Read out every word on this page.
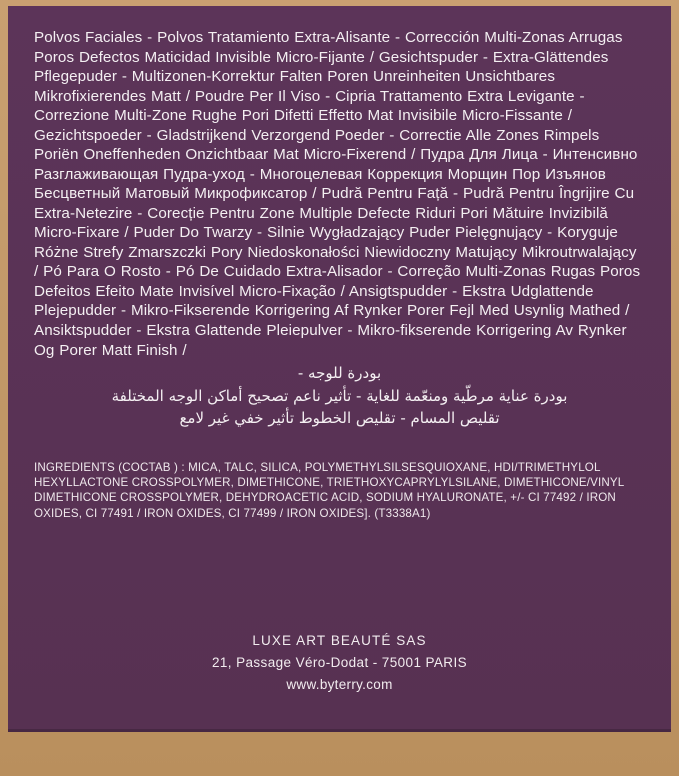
Polvos Faciales - Polvos Tratamiento Extra-Alisante - Corrección Multi-Zonas Arrugas Poros Defectos Maticidad Invisible Micro-Fijante / Gesichtspuder - Extra-Glättendes Pflegepuder - Multizonen-Korrektur Falten Poren Unreinheiten Unsichtbares Mikrofixierendes Matt / Poudre Per Il Viso - Cipria Trattamento Extra Levigante - Correzione Multi-Zone Rughe Pori Difetti Effetto Mat Invisibile Micro-Fissante / Gezichtspoeder - Gladstrijkend Verzorgend Poeder - Correctie Alle Zones Rimpels Poriën Oneffenheden Onzichtbaar Mat Micro-Fixerend / Пудра Для Лица - Интенсивно Разглаживающая Пудра-уход - Многоцелевая Коррекция Морщин Пор Изъянов Бесцветный Матовый Микрофиксатор / Pudră Pentru Față - Pudră Pentru Îngrijire Cu Extra-Netezire - Corecție Pentru Zone Multiple Defecte Riduri Pori Mătuire Invizibilă Micro-Fixare / Puder Do Twarzy - Silnie Wygładzający Puder Pielęgnujący - Koryguje Różne Strefy Zmarszczki Pory Niedoskonałości Niewidoczny Matujący Mikroutrwalający / Pó Para O Rosto - Pó De Cuidado Extra-Alisador - Correção Multi-Zonas Rugas Poros Defeitos Efeito Mate Invisível Micro-Fixação / Ansigtspudder - Ekstra Udglattende Plejepudder - Mikro-Fikserende Korrigering Af Rynker Porer Fejl Med Usynlig Mathed / Ansiktspudder - Ekstra Glattende Pleiepulver - Mikro-fikserende Korrigering Av Rynker Og Porer Matt Finish /
بودرة للوجه -
بودرة عناية مرطّية ومنعّمة للغاية - تأثير ناعم تصحيح أماكن الوجه المختلفة
تقليص المسام - تقليص الخطوط تأثير خفي غير لامع
INGREDIENTS (COCTAB ) : MICA, TALC, SILICA, POLYMETHYLSILSESQUIOXANE, HDI/TRIMETHYLOL HEXYLLACTONE CROSSPOLYMER, DIMETHICONE, TRIETHOXYCAPRYLYLSILANE, DIMETHICONE/VINYL DIMETHICONE CROSSPOLYMER, DEHYDROACETIC ACID, SODIUM HYALURONATE, +/- CI 77492 / IRON OXIDES, CI 77491 / IRON OXIDES, CI 77499 / IRON OXIDES]. (T3338A1)
LUXE ART BEAUTÉ SAS
21, Passage Véro-Dodat - 75001 PARIS
www.byterry.com
